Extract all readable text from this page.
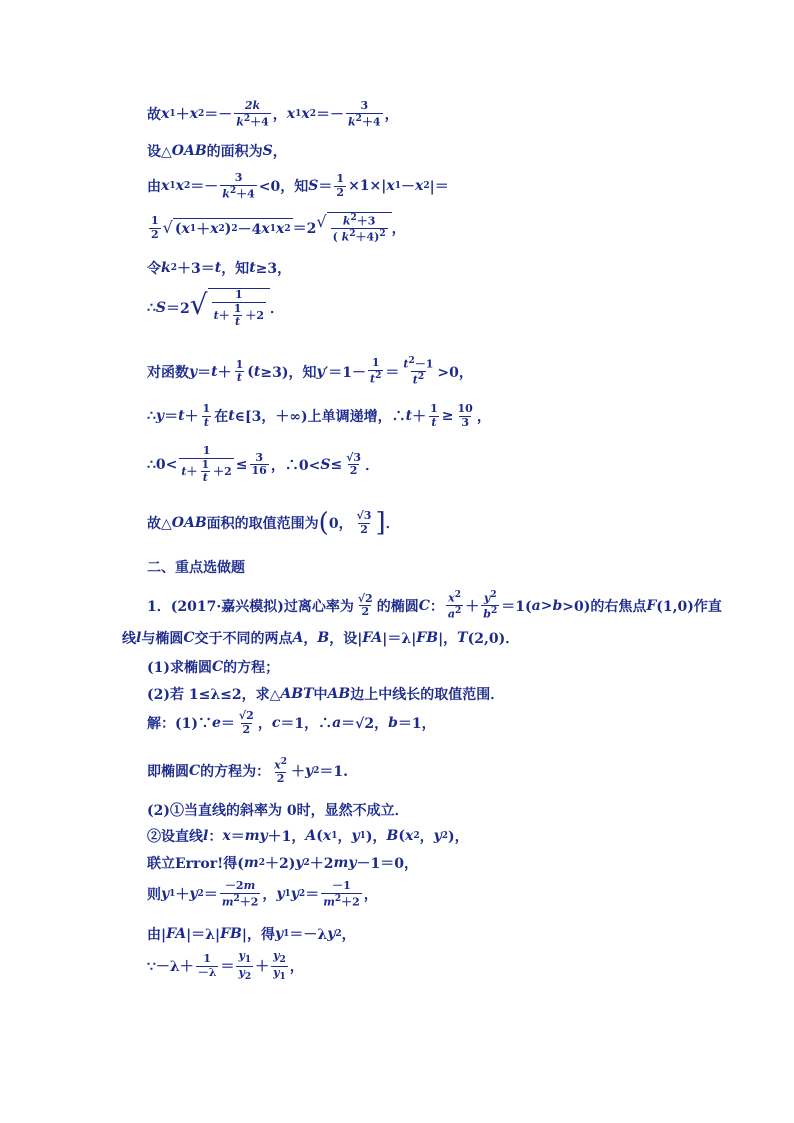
故 x 1 ＋ x $2 =- \frac{2k}{k^2+4}$ ， x 1 x $2 =- \frac{3}{k^2+4}$ ，
设△ OAB 的面积为 S ，
由 x 1 x $2 =- \frac{3}{k^2+4} <0$，知 $S = \frac{1}{2} \times 1\times|$ x 1 － x 2 |＝
$\frac{1}{2}$ √ ( x 1 ＋ x 2 ) 2 －4 x 1 x 2 ＝2 √ $\frac{k^2+3}{( k^2+4)^2}$ ，
令 k 2 ＋3＝ t ，知 t ≥3，
∴ S ＝2 √ $\frac{1}{t+ \frac{1}{t} +2}$ ．
对函数 $y = t + \frac{1}{t}$ ( t ≥3)，知 y $'=1- \frac{1}{t^2} = \frac{t^2-1}{t^2} >0$，
∴ $y = t + \frac{1}{t}$ 在 t ∈[3，＋∞)上单调递增，∴ $t + \frac{1}{t} \ge \frac{10}{3}$ ，
∴0< $\frac{1}{t+ \frac{1}{t} +2} \le \frac{3}{16}$ ，∴0< $S \le \frac{√3}{2}$ ．
故△ OAB 面积的取值范围为 ( 0， $\frac{√3}{2}$ ] ．
二、重点选做题
1．(2017·嘉兴模拟)过离心率为 $\frac{√2}{2}$ 的椭圆 C ： $\frac{x^2}{a^2} + \frac{y^2}{b^2} =1$( a > b >0)的右焦点 F (1,0)作直
线 l 与椭圆 C 交于不同的两点 A ， B ，设| FA |＝λ| FB |， T (2,0)．
(1)求椭圆 C 的方程；
(2)若 1≤λ≤2，求△ ABT 中 AB 边上中线长的取值范围．
解：(1)∵ $e = \frac{√2}{2}$ ， c ＝1，∴ a ＝√2， b ＝1，
即椭圆 C 的方程为： $\frac{x^2}{2} + y$ 2 ＝1.
(2)①当直线的斜率为 0时，显然不成立．
②设直线 l ： x ＝ my ＋1， A ( x 1 ， y 1 )， B ( x 2 ， y 2 )，
联立Error!得( m 2 ＋2) y 2 ＋2 my －1＝0，
则 y 1 ＋ y $2 = \frac{-2m}{m^2+2}$ ， y 1 y $2 = \frac{-1}{m^2+2}$ ，
由| FA |＝λ| FB |，得 y 1 ＝－λ y 2 ，
∵－λ＋ $\frac{1}{-\lambda} = \frac{y_1}{y_2} + \frac{y_2}{y_1}$ ，
